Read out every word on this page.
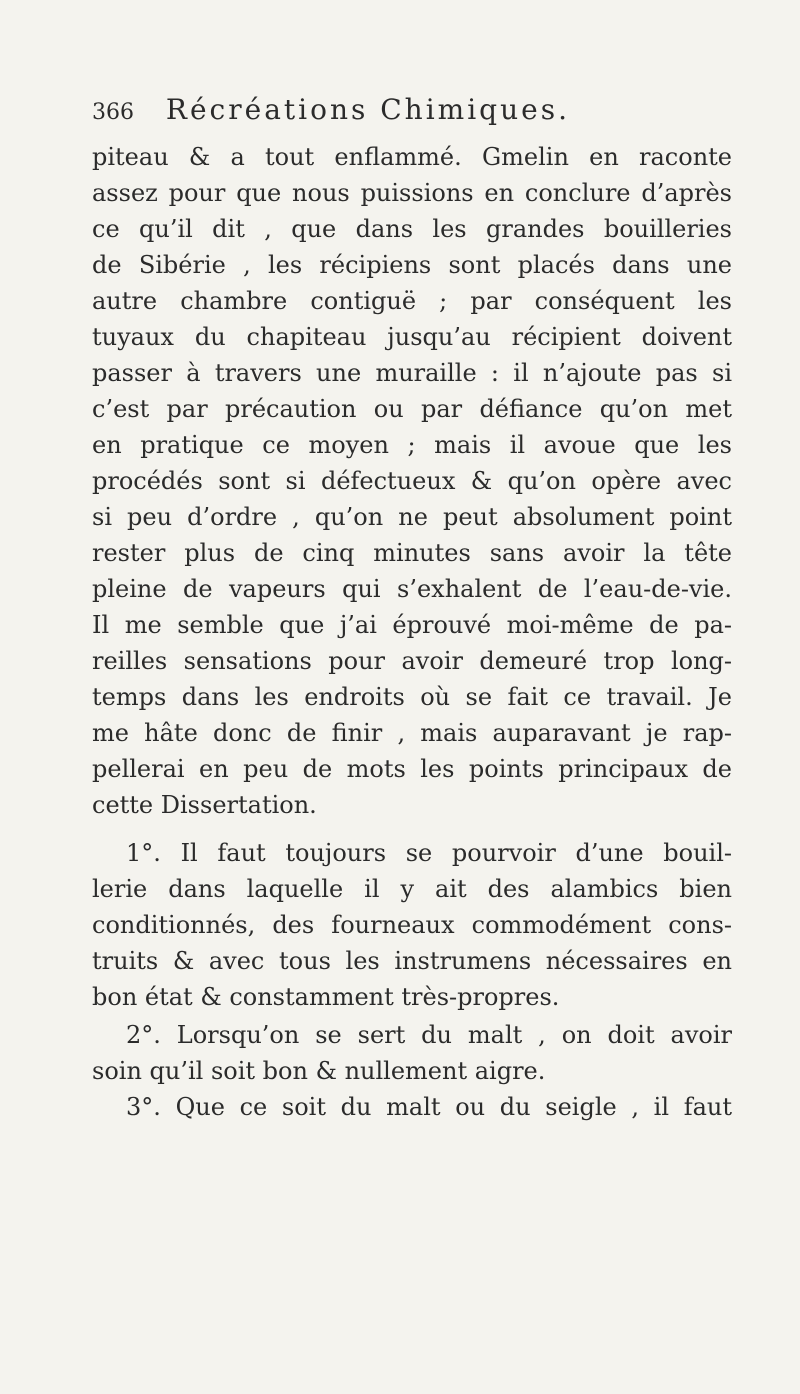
366 Récréations Chimiques.
piteau & a tout enflammé. Gmelin en raconte
assez pour que nous puissions en conclure d’après
ce qu’il dit , que dans les grandes bouilleries
de Sibérie , les récipiens sont placés dans une
autre chambre contiguë ; par conséquent les
tuyaux du chapiteau jusqu’au récipient doivent
passer à travers une muraille : il n’ajoute pas si
c’est par précaution ou par défiance qu’on met
en pratique ce moyen ; mais il avoue que les
procédés sont si défectueux & qu’on opère avec
si peu d’ordre , qu’on ne peut absolument point
rester plus de cinq minutes sans avoir la tête
pleine de vapeurs qui s’exhalent de l’eau-de-vie.
Il me semble que j’ai éprouvé moi-même de pa-
reilles sensations pour avoir demeuré trop long-
temps dans les endroits où se fait ce travail. Je
me hâte donc de finir , mais auparavant je rap-
pellerai en peu de mots les points principaux de
cette Dissertation.
1°. Il faut toujours se pourvoir d’une bouil-
lerie dans laquelle il y ait des alambics bien
conditionnés, des fourneaux commodément cons-
truits & avec tous les instrumens nécessaires en
bon état & constamment très-propres.
2°. Lorsqu’on se sert du malt , on doit avoir
soin qu’il soit bon & nullement aigre.
3°. Que ce soit du malt ou du seigle , il faut
